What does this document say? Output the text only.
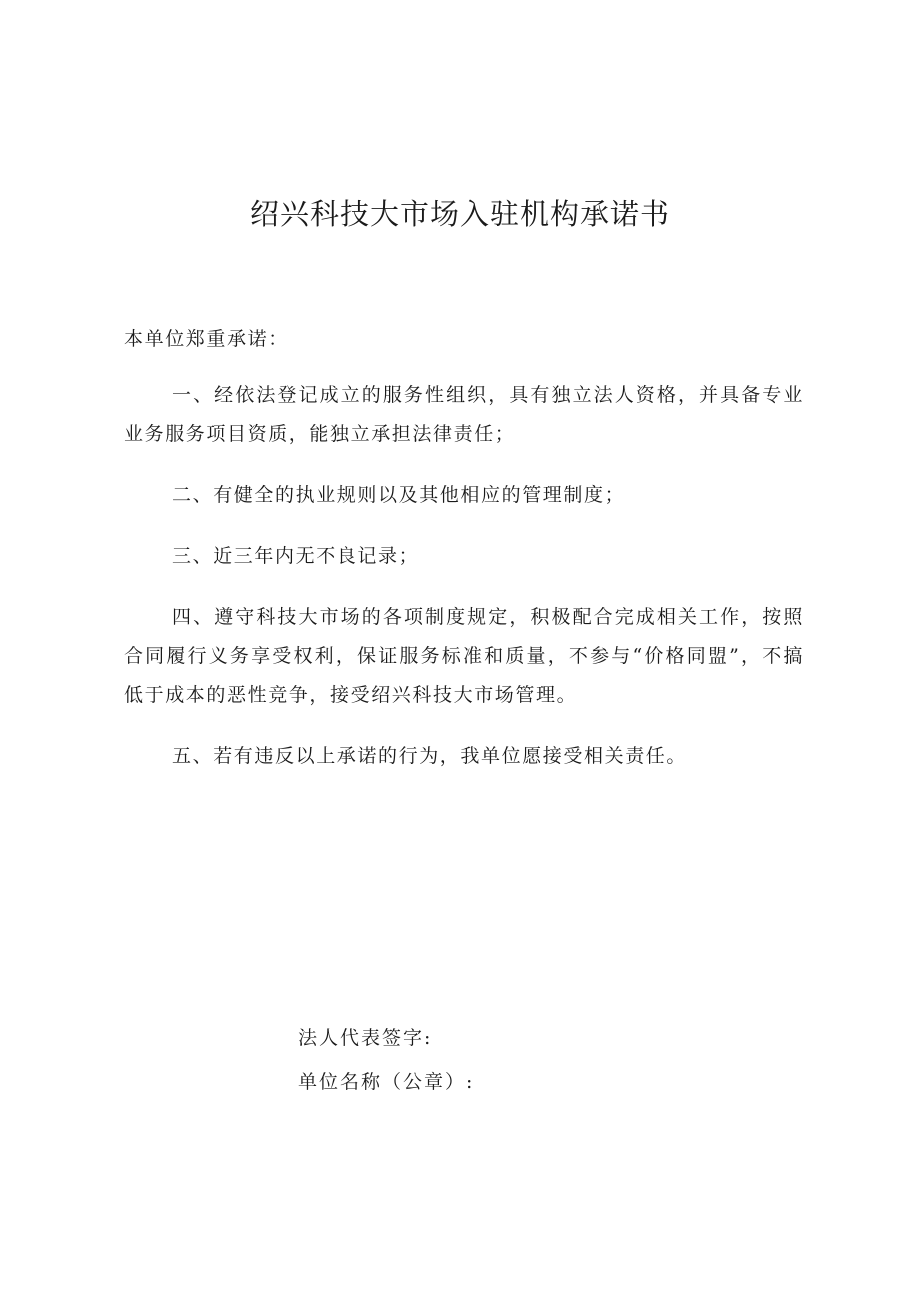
绍兴科技大市场入驻机构承诺书
本单位郑重承诺：
一、经依法登记成立的服务性组织，具有独立法人资格，并具备专业业务服务项目资质，能独立承担法律责任；
二、有健全的执业规则以及其他相应的管理制度；
三、近三年内无不良记录；
四、遵守科技大市场的各项制度规定，积极配合完成相关工作，按照合同履行义务享受权利，保证服务标准和质量，不参与“价格同盟”，不搞低于成本的恶性竞争，接受绍兴科技大市场管理。
五、若有违反以上承诺的行为，我单位愿接受相关责任。

法人代表签字:

单位名称（公章）:
